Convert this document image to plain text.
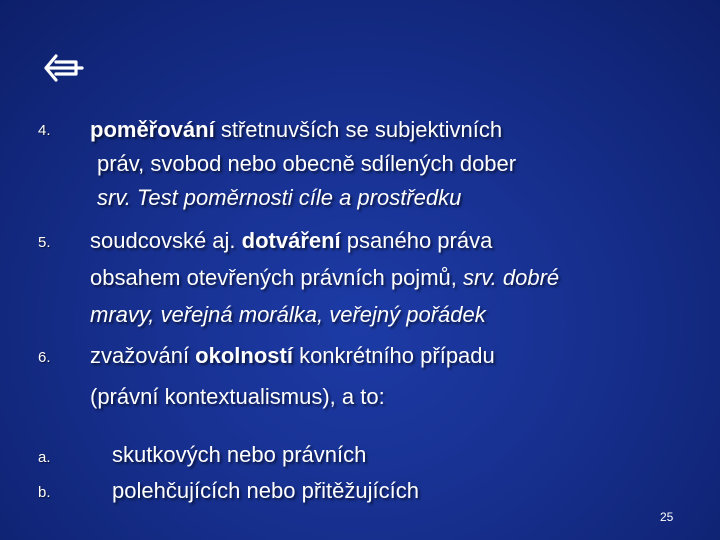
4. poměřování střetnuvších se subjektivních
práv, svobod nebo obecně sdílených dober
srv. Test poměrnosti cíle a prostředku
5. soudcovské aj. dotváření psaného práva
obsahem otevřených právních pojmů, srv. dobré
mravy, veřejná morálka, veřejný pořádek
6. zvažování okolností konkrétního případu
(právní kontextualismus), a to:
a.	skutkových nebo právních
b.	polehčujících nebo přitěžujících
25
